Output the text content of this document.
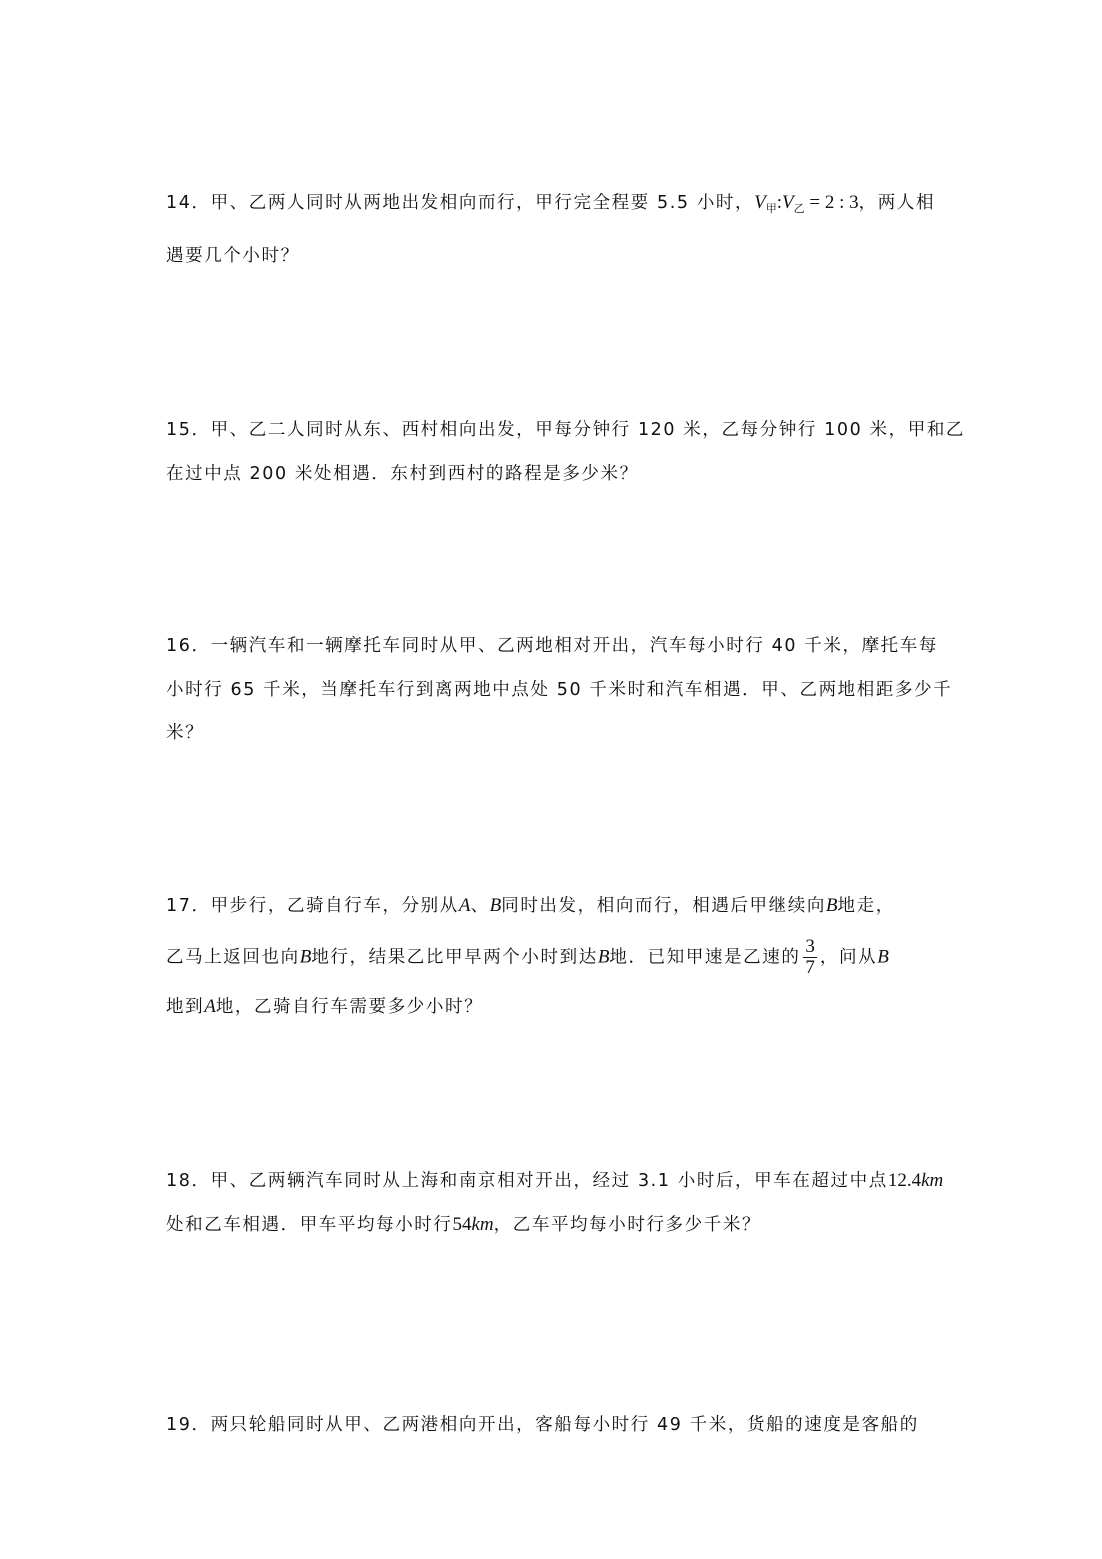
14．甲、乙两人同时从两地出发相向而行，甲行完全程要 5.5 小时，$V_甲:V_乙 = 2$ : 3，两人相
遇要几个小时？
15．甲、乙二人同时从东、西村相向出发，甲每分钟行 120 米，乙每分钟行 100 米，甲和乙
在过中点 200 米处相遇．东村到西村的路程是多少米？
16．一辆汽车和一辆摩托车同时从甲、乙两地相对开出，汽车每小时行 40 千米，摩托车每
小时行 65 千米，当摩托车行到离两地中点处 50 千米时和汽车相遇．甲、乙两地相距多少千
米？
17．甲步行，乙骑自行车，分别从A、B同时出发，相向而行，相遇后甲继续向B地走，
乙马上返回也向B地行，结果乙比甲早两个小时到达B地．已知甲速是乙速的 $\frac{3}{7}$ ，问从B
地到A地，乙骑自行车需要多少小时？
18．甲、乙两辆汽车同时从上海和南京相对开出，经过 3.1 小时后，甲车在超过中点12.4km
处和乙车相遇．甲车平均每小时行54km，乙车平均每小时行多少千米？
19．两只轮船同时从甲、乙两港相向开出，客船每小时行 49 千米，货船的速度是客船的
